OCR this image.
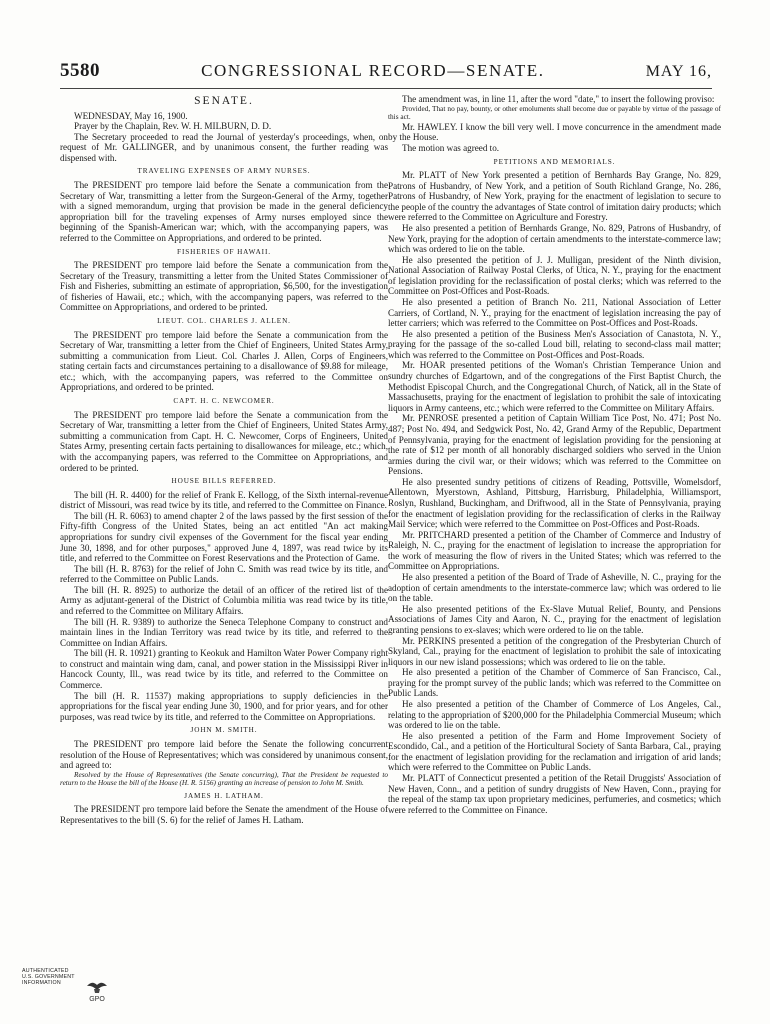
5580	CONGRESSIONAL RECORD—SENATE.	MAY 16,
SENATE.

WEDNESDAY, May 16, 1900.

Prayer by the Chaplain, Rev. W. H. MILBURN, D. D.

The Secretary proceeded to read the Journal of yesterday's proceedings, when, on request of Mr. GALLINGER, and by unanimous consent, the further reading was dispensed with.

TRAVELING EXPENSES OF ARMY NURSES.

The PRESIDENT pro tempore laid before the Senate a communication from the Secretary of War, transmitting a letter from the Surgeon-General of the Army, together with a signed memorandum, urging that provision be made in the general deficiency appropriation bill for the traveling expenses of Army nurses employed since the beginning of the Spanish-American war; which, with the accompanying papers, was referred to the Committee on Appropriations, and ordered to be printed.

FISHERIES OF HAWAII.

The PRESIDENT pro tempore laid before the Senate a communication from the Secretary of the Treasury, transmitting a letter from the United States Commissioner of Fish and Fisheries, submitting an estimate of appropriation, $6,500, for the investigation of fisheries of Hawaii, etc.; which, with the accompanying papers, was referred to the Committee on Appropriations, and ordered to be printed.

LIEUT. COL. CHARLES J. ALLEN.

The PRESIDENT pro tempore laid before the Senate a communication from the Secretary of War, transmitting a letter from the Chief of Engineers, United States Army, submitting a communication from Lieut. Col. Charles J. Allen, Corps of Engineers, stating certain facts and circumstances pertaining to a disallowance of $9.88 for mileage, etc.; which, with the accompanying papers, was referred to the Committee on Appropriations, and ordered to be printed.

CAPT. H. C. NEWCOMER.

The PRESIDENT pro tempore laid before the Senate a communication from the Secretary of War, transmitting a letter from the Chief of Engineers, United States Army, submitting a communication from Capt. H. C. Newcomer, Corps of Engineers, United States Army, presenting certain facts pertaining to disallowances for mileage, etc.; which, with the accompanying papers, was referred to the Committee on Appropriations, and ordered to be printed.

HOUSE BILLS REFERRED.

The bill (H. R. 4400) for the relief of Frank E. Kellogg, of the Sixth internal-revenue district of Missouri, was read twice by its title, and referred to the Committee on Finance.

The bill (H. R. 6063) to amend chapter 2 of the laws passed by the first session of the Fifty-fifth Congress of the United States, being an act entitled "An act making appropriations for sundry civil expenses of the Government for the fiscal year ending June 30, 1898, and for other purposes," approved June 4, 1897, was read twice by its title, and referred to the Committee on Forest Reservations and the Protection of Game.

The bill (H. R. 8763) for the relief of John C. Smith was read twice by its title, and referred to the Committee on Public Lands.

The bill (H. R. 8925) to authorize the detail of an officer of the retired list of the Army as adjutant-general of the District of Columbia militia was read twice by its title, and referred to the Committee on Military Affairs.

The bill (H. R. 9389) to authorize the Seneca Telephone Company to construct and maintain lines in the Indian Territory was read twice by its title, and referred to the Committee on Indian Affairs.

The bill (H. R. 10921) granting to Keokuk and Hamilton Water Power Company right to construct and maintain wing dam, canal, and power station in the Mississippi River in Hancock County, Ill., was read twice by its title, and referred to the Committee on Commerce.

The bill (H. R. 11537) making appropriations to supply deficiencies in the appropriations for the fiscal year ending June 30, 1900, and for prior years, and for other purposes, was read twice by its title, and referred to the Committee on Appropriations.

JOHN M. SMITH.

The PRESIDENT pro tempore laid before the Senate the following concurrent resolution of the House of Representatives; which was considered by unanimous consent, and agreed to:

Resolved by the House of Representatives (the Senate concurring), That the President be requested to return to the House the bill of the House (H. R. 5156) granting an increase of pension to John M. Smith.

JAMES H. LATHAM.

The PRESIDENT pro tempore laid before the Senate the amendment of the House of Representatives to the bill (S. 6) for the relief of James H. Latham.

The amendment was, in line 11, after the word "date," to insert the following proviso:

Provided, That no pay, bounty, or other emoluments shall become due or payable by virtue of the passage of this act.

Mr. HAWLEY. I know the bill very well. I move concurrence in the amendment made by the House.

The motion was agreed to.

PETITIONS AND MEMORIALS.

Mr. PLATT of New York presented a petition of Bernhards Bay Grange, No. 829, Patrons of Husbandry, of New York, and a petition of South Richland Grange, No. 286, Patrons of Husbandry, of New York, praying for the enactment of legislation to secure to the people of the country the advantages of State control of imitation dairy products; which were referred to the Committee on Agriculture and Forestry.

He also presented a petition of Bernhards Grange, No. 829, Patrons of Husbandry, of New York, praying for the adoption of certain amendments to the interstate-commerce law; which was ordered to lie on the table.

He also presented the petition of J. J. Mulligan, president of the Ninth division, National Association of Railway Postal Clerks, of Utica, N. Y., praying for the enactment of legislation providing for the reclassification of postal clerks; which was referred to the Committee on Post-Offices and Post-Roads.

He also presented a petition of Branch No. 211, National Association of Letter Carriers, of Cortland, N. Y., praying for the enactment of legislation increasing the pay of letter carriers; which was referred to the Committee on Post-Offices and Post-Roads.

He also presented a petition of the Business Men's Association of Canastota, N. Y., praying for the passage of the so-called Loud bill, relating to second-class mail matter; which was referred to the Committee on Post-Offices and Post-Roads.

Mr. HOAR presented petitions of the Woman's Christian Temperance Union and sundry churches of Edgartown, and of the congregations of the First Baptist Church, the Methodist Episcopal Church, and the Congregational Church, of Natick, all in the State of Massachusetts, praying for the enactment of legislation to prohibit the sale of intoxicating liquors in Army canteens, etc.; which were referred to the Committee on Military Affairs.

Mr. PENROSE presented a petition of Captain William Tice Post, No. 471; Post No. 487; Post No. 494, and Sedgwick Post, No. 42, Grand Army of the Republic, Department of Pennsylvania, praying for the enactment of legislation providing for the pensioning at the rate of $12 per month of all honorably discharged soldiers who served in the Union armies during the civil war, or their widows; which was referred to the Committee on Pensions.

He also presented sundry petitions of citizens of Reading, Pottsville, Womelsdorf, Allentown, Myerstown, Ashland, Pittsburg, Harrisburg, Philadelphia, Williamsport, Roslyn, Rushland, Buckingham, and Driftwood, all in the State of Pennsylvania, praying for the enactment of legislation providing for the reclassification of clerks in the Railway Mail Service; which were referred to the Committee on Post-Offices and Post-Roads.

Mr. PRITCHARD presented a petition of the Chamber of Commerce and Industry of Raleigh, N. C., praying for the enactment of legislation to increase the appropriation for the work of measuring the flow of rivers in the United States; which was referred to the Committee on Appropriations.

He also presented a petition of the Board of Trade of Asheville, N. C., praying for the adoption of certain amendments to the interstate-commerce law; which was ordered to lie on the table.

He also presented petitions of the Ex-Slave Mutual Relief, Bounty, and Pensions Associations of James City and Aaron, N. C., praying for the enactment of legislation granting pensions to ex-slaves; which were ordered to lie on the table.

Mr. PERKINS presented a petition of the congregation of the Presbyterian Church of Skyland, Cal., praying for the enactment of legislation to prohibit the sale of intoxicating liquors in our new island possessions; which was ordered to lie on the table.

He also presented a petition of the Chamber of Commerce of San Francisco, Cal., praying for the prompt survey of the public lands; which was referred to the Committee on Public Lands.

He also presented a petition of the Chamber of Commerce of Los Angeles, Cal., relating to the appropriation of $200,000 for the Philadelphia Commercial Museum; which was ordered to lie on the table.

He also presented a petition of the Farm and Home Improvement Society of Escondido, Cal., and a petition of the Horticultural Society of Santa Barbara, Cal., praying for the enactment of legislation providing for the reclamation and irrigation of arid lands; which were referred to the Committee on Public Lands.

Mr. PLATT of Connecticut presented a petition of the Retail Druggists' Association of New Haven, Conn., and a petition of sundry druggists of New Haven, Conn., praying for the repeal of the stamp tax upon proprietary medicines, perfumeries, and cosmetics; which were referred to the Committee on Finance.

AUTHENTICATED
U.S. GOVERNMENT
INFORMATION
GPO
